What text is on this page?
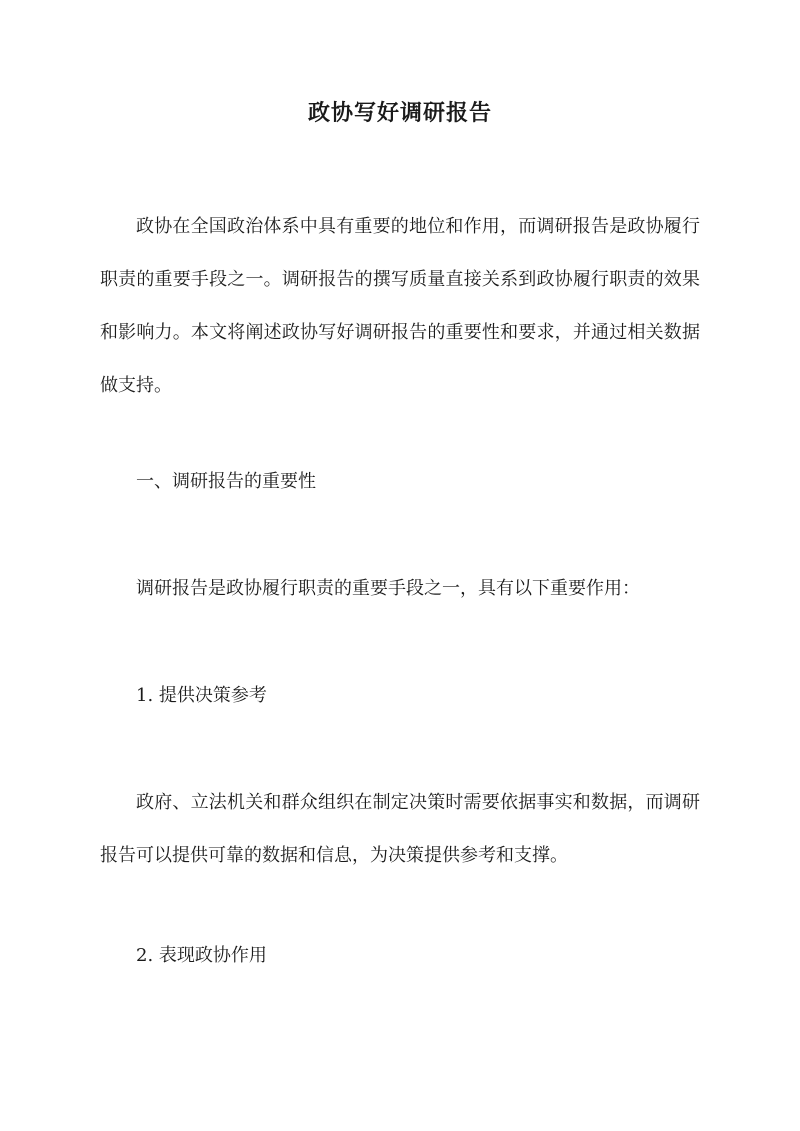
政协写好调研报告

政协在全国政治体系中具有重要的地位和作用，而调研报告是政协履行职责的重要手段之一。调研报告的撰写质量直接关系到政协履行职责的效果和影响力。本文将阐述政协写好调研报告的重要性和要求，并通过相关数据做支持。

一、调研报告的重要性

调研报告是政协履行职责的重要手段之一，具有以下重要作用：

1. 提供决策参考

政府、立法机关和群众组织在制定决策时需要依据事实和数据，而调研报告可以提供可靠的数据和信息，为决策提供参考和支撑。

2. 表现政协作用
